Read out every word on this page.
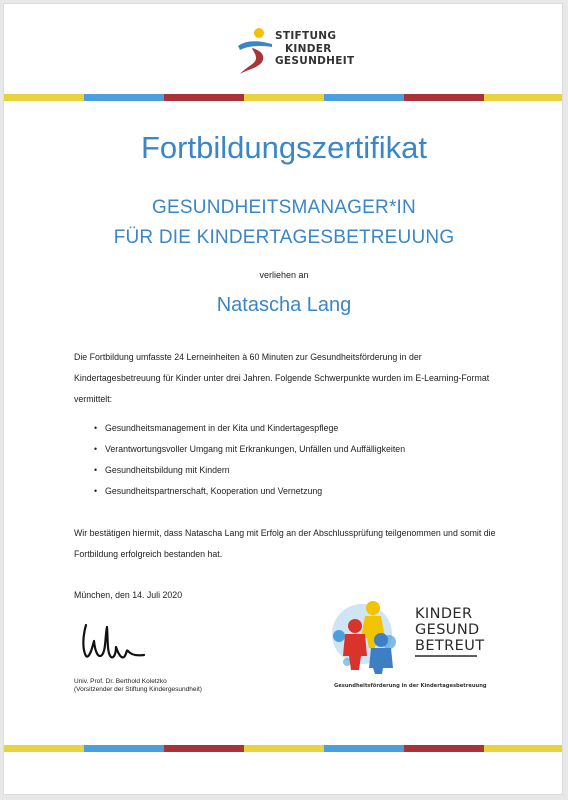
STIFTUNG
KINDER
GESUNDHEIT
Fortbildungszertifikat
GESUNDHEITSMANAGER*IN
FÜR DIE KINDERTAGESBETREUUNG
verliehen an
Natascha Lang

Die Fortbildung umfasste 24 Lerneinheiten à 60 Minuten zur Gesundheitsförderung in der Kindertagesbetreuung für Kinder unter drei Jahren. Folgende Schwerpunkte wurden im E-Learning-Format vermittelt:

• Gesundheitsmanagement in der Kita und Kindertagespflege
• Verantwortungsvoller Umgang mit Erkrankungen, Unfällen und Auffälligkeiten
• Gesundheitsbildung mit Kindern
• Gesundheitspartnerschaft, Kooperation und Vernetzung

Wir bestätigen hiermit, dass Natascha Lang mit Erfolg an der Abschlussprüfung teilgenommen und somit die Fortbildung erfolgreich bestanden hat.

München, den 14. Juli 2020
Univ. Prof. Dr. Berthold Koletzko
(Vorsitzender der Stiftung Kindergesundheit)
KINDER
GESUND
BETREUT
Gesundheitsförderung in der Kindertagesbetreuung
